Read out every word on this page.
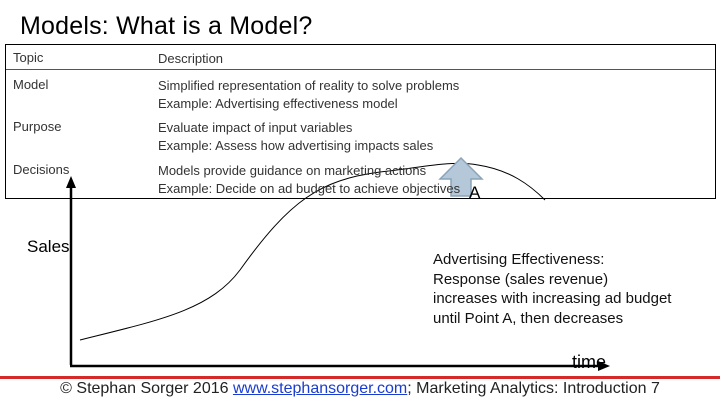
Models: What is a Model?
Topic	Description
Model	Simplified representation of reality to solve problems
Example: Advertising effectiveness model
Purpose	Evaluate impact of input variables
Example: Assess how advertising impacts sales
Decisions	Models provide guidance on marketing actions
Example: Decide on ad budget to achieve objectives A
Sales
Advertising Effectiveness:
Response (sales revenue)
increases with increasing ad budget
until Point A, then decreases
time
© Stephan Sorger 2016 www.stephansorger.com; Marketing Analytics: Introduction 7
